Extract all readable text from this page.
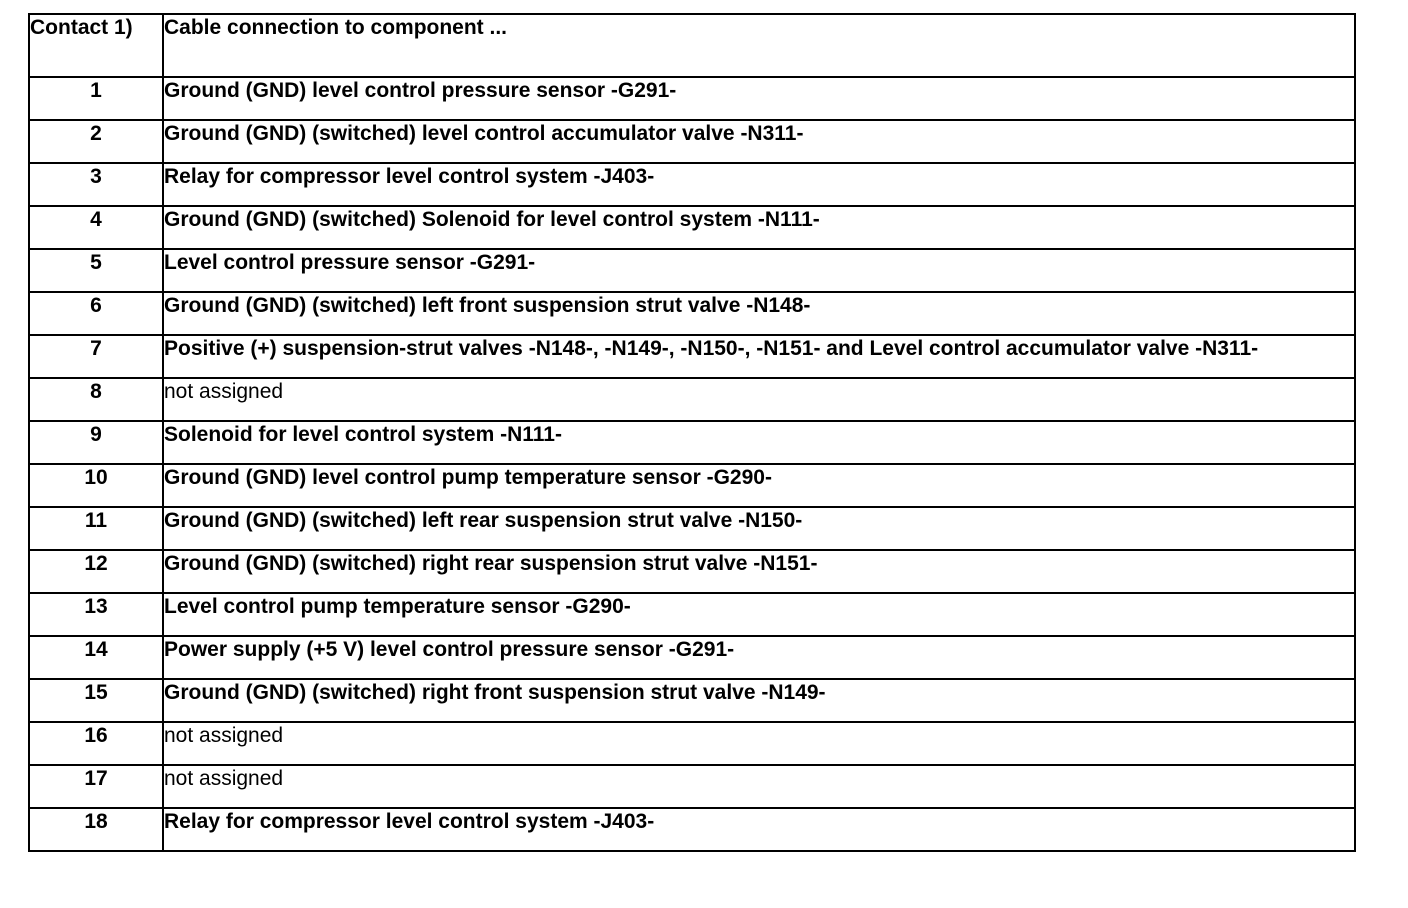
Contact 1)	Cable connection to component ...
1	Ground (GND) level control pressure sensor -G291-
2	Ground (GND) (switched) level control accumulator valve -N311-
3	Relay for compressor level control system -J403-
4	Ground (GND) (switched) Solenoid for level control system -N111-
5	Level control pressure sensor -G291-
6	Ground (GND) (switched) left front suspension strut valve -N148-
7	Positive (+) suspension-strut valves -N148-, -N149-, -N150-, -N151- and Level control accumulator valve -N311-
8	not assigned
9	Solenoid for level control system -N111-
10	Ground (GND) level control pump temperature sensor -G290-
11	Ground (GND) (switched) left rear suspension strut valve -N150-
12	Ground (GND) (switched) right rear suspension strut valve -N151-
13	Level control pump temperature sensor -G290-
14	Power supply (+5 V) level control pressure sensor -G291-
15	Ground (GND) (switched) right front suspension strut valve -N149-
16	not assigned
17	not assigned
18	Relay for compressor level control system -J403-
